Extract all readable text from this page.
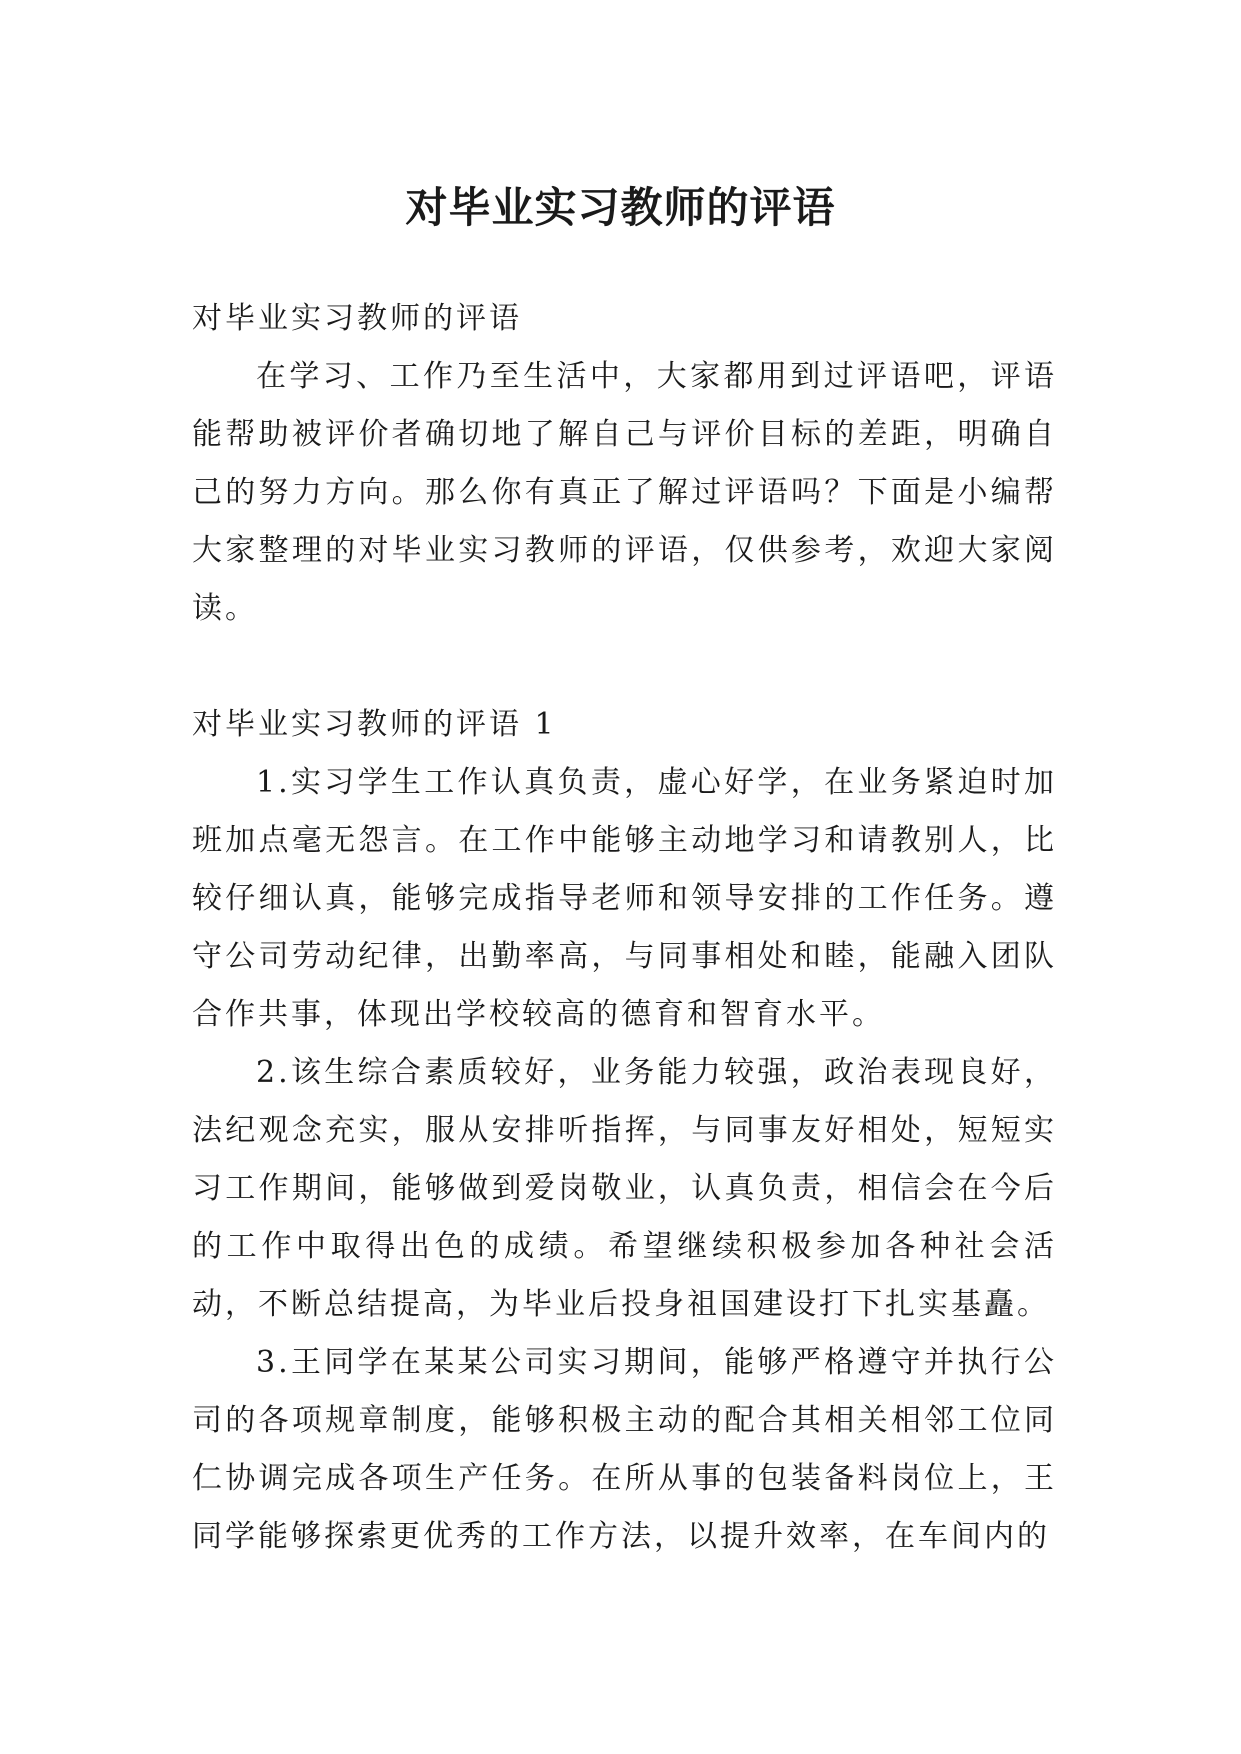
对毕业实习教师的评语

对毕业实习教师的评语

在学习、工作乃至生活中，大家都用到过评语吧，评语能帮助被评价者确切地了解自己与评价目标的差距，明确自己的努力方向。那么你有真正了解过评语吗？下面是小编帮大家整理的对毕业实习教师的评语，仅供参考，欢迎大家阅读。

对毕业实习教师的评语 1

1.实习学生工作认真负责，虚心好学，在业务紧迫时加班加点毫无怨言。在工作中能够主动地学习和请教别人，比较仔细认真，能够完成指导老师和领导安排的工作任务。遵守公司劳动纪律，出勤率高，与同事相处和睦，能融入团队合作共事，体现出学校较高的德育和智育水平。

2.该生综合素质较好，业务能力较强，政治表现良好，法纪观念充实，服从安排听指挥，与同事友好相处，短短实习工作期间，能够做到爱岗敬业，认真负责，相信会在今后的工作中取得出色的成绩。希望继续积极参加各种社会活动，不断总结提高，为毕业后投身祖国建设打下扎实基矗。

3.王同学在某某公司实习期间，能够严格遵守并执行公司的各项规章制度，能够积极主动的配合其相关相邻工位同仁协调完成各项生产任务。在所从事的包装备料岗位上，王同学能够探索更优秀的工作方法，以提升效率，在车间内的
